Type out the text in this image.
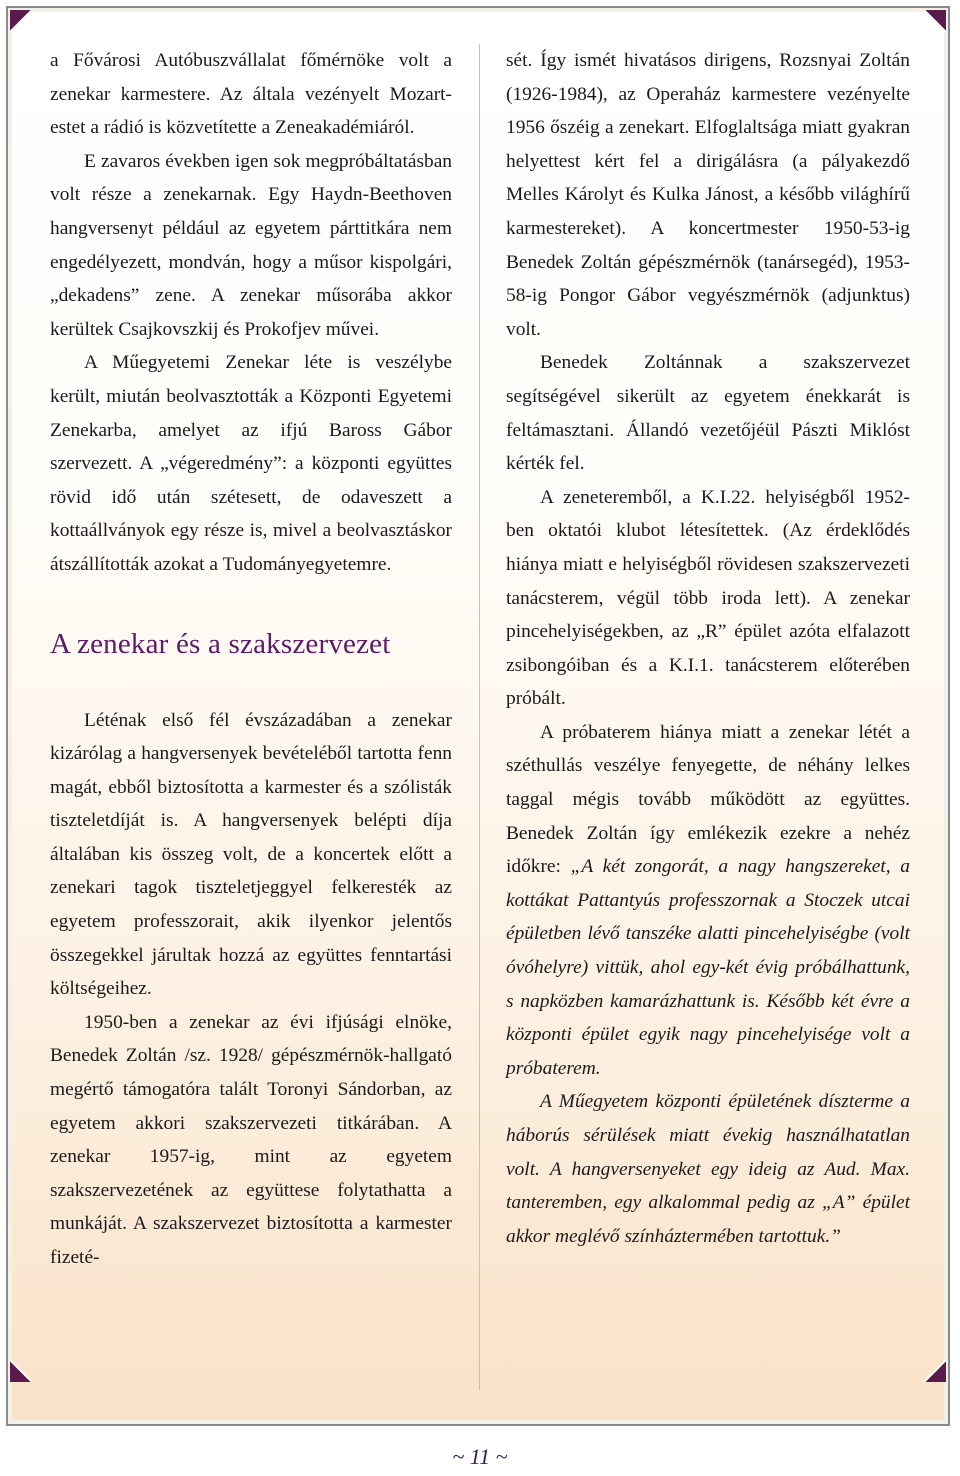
a Fővárosi Autóbuszvállalat főmérnöke volt a zenekar karmestere. Az általa vezényelt Mozart-estet a rádió is közvetítette a Zeneakadémiáról.

E zavaros években igen sok megpróbáltatásban volt része a zenekarnak. Egy Haydn-Beethoven hangversenyt például az egyetem párttitkára nem engedélyezett, mondván, hogy a műsor kispolgári, „dekadens” zene. A zenekar műsorába akkor kerültek Csajkovszkij és Prokofjev művei.

A Műegyetemi Zenekar léte is veszélybe került, miután beolvasztották a Központi Egyetemi Zenekarba, amelyet az ifjú Baross Gábor szervezett. A „végeredmény”: a központi együttes rövid idő után szétesett, de odaveszett a kottaállványok egy része is, mivel a beolvasztáskor átszállították azokat a Tudományegyetemre.

A zenekar és a szakszervezet

Léténak első fél évszázadában a zenekar kizárólag a hangversenyek bevételéből tartotta fenn magát, ebből biztosította a karmester és a szólisták tiszteletdíját is. A hangversenyek belépti díja általában kis összeg volt, de a koncertek előtt a zenekari tagok tiszteletjeggyel felkeresték az egyetem professzorait, akik ilyenkor jelentős összegekkel járultak hozzá az együttes fenntartási költségeihez.

1950-ben a zenekar az évi ifjúsági elnöke, Benedek Zoltán /sz. 1928/ gépészmérnök-hallgató megértő támogatóra talált Toronyi Sándorban, az egyetem akkori szakszervezeti titkárában. A zenekar 1957-ig, mint az egyetem szakszervezetének az együttese folytathatta a munkáját. A szakszervezet biztosította a karmester fizeté-

sét. Így ismét hivatásos dirigens, Rozsnyai Zoltán (1926-1984), az Operaház karmestere vezényelte 1956 őszéig a zenekart. Elfoglaltsága miatt gyakran helyettest kért fel a dirigálásra (a pályakezdő Melles Károlyt és Kulka Jánost, a később világhírű karmestereket). A koncertmester 1950-53-ig Benedek Zoltán gépészmérnök (tanársegéd), 1953-58-ig Pongor Gábor vegyészmérnök (adjunktus) volt.

Benedek Zoltánnak a szakszervezet segítségével sikerült az egyetem énekkarát is feltámasztani. Állandó vezetőjéül Pászti Miklóst kérték fel.

A zeneteremből, a K.I.22. helyiségből 1952-ben oktatói klubot létesítettek. (Az érdeklődés hiánya miatt e helyiségből rövidesen szakszervezeti tanácsterem, végül több iroda lett). A zenekar pincehelyiségekben, az „R” épület azóta elfalazott zsibongóiban és a K.I.1. tanácsterem előterében próbált.

A próbaterem hiánya miatt a zenekar létét a széthullás veszélye fenyegette, de néhány lelkes taggal mégis tovább működött az együttes. Benedek Zoltán így emlékezik ezekre a nehéz időkre: „A két zongorát, a nagy hangszereket, a kottákat Pattantyús professzornak a Stoczek utcai épületben lévő tanszéke alatti pincehelyiségbe (volt óvóhelyre) vittük, ahol egy-két évig próbálhattunk, s napközben kamarázhattunk is. Később két évre a központi épület egyik nagy pincehelyisége volt a próbaterem.

A Műegyetem központi épületének díszterme a háborús sérülések miatt évekig használhatatlan volt. A hangversenyeket egy ideig az Aud. Max. tanteremben, egy alkalommal pedig az „A” épület akkor meglévő színháztermében tartottuk.”

~ 11 ~
